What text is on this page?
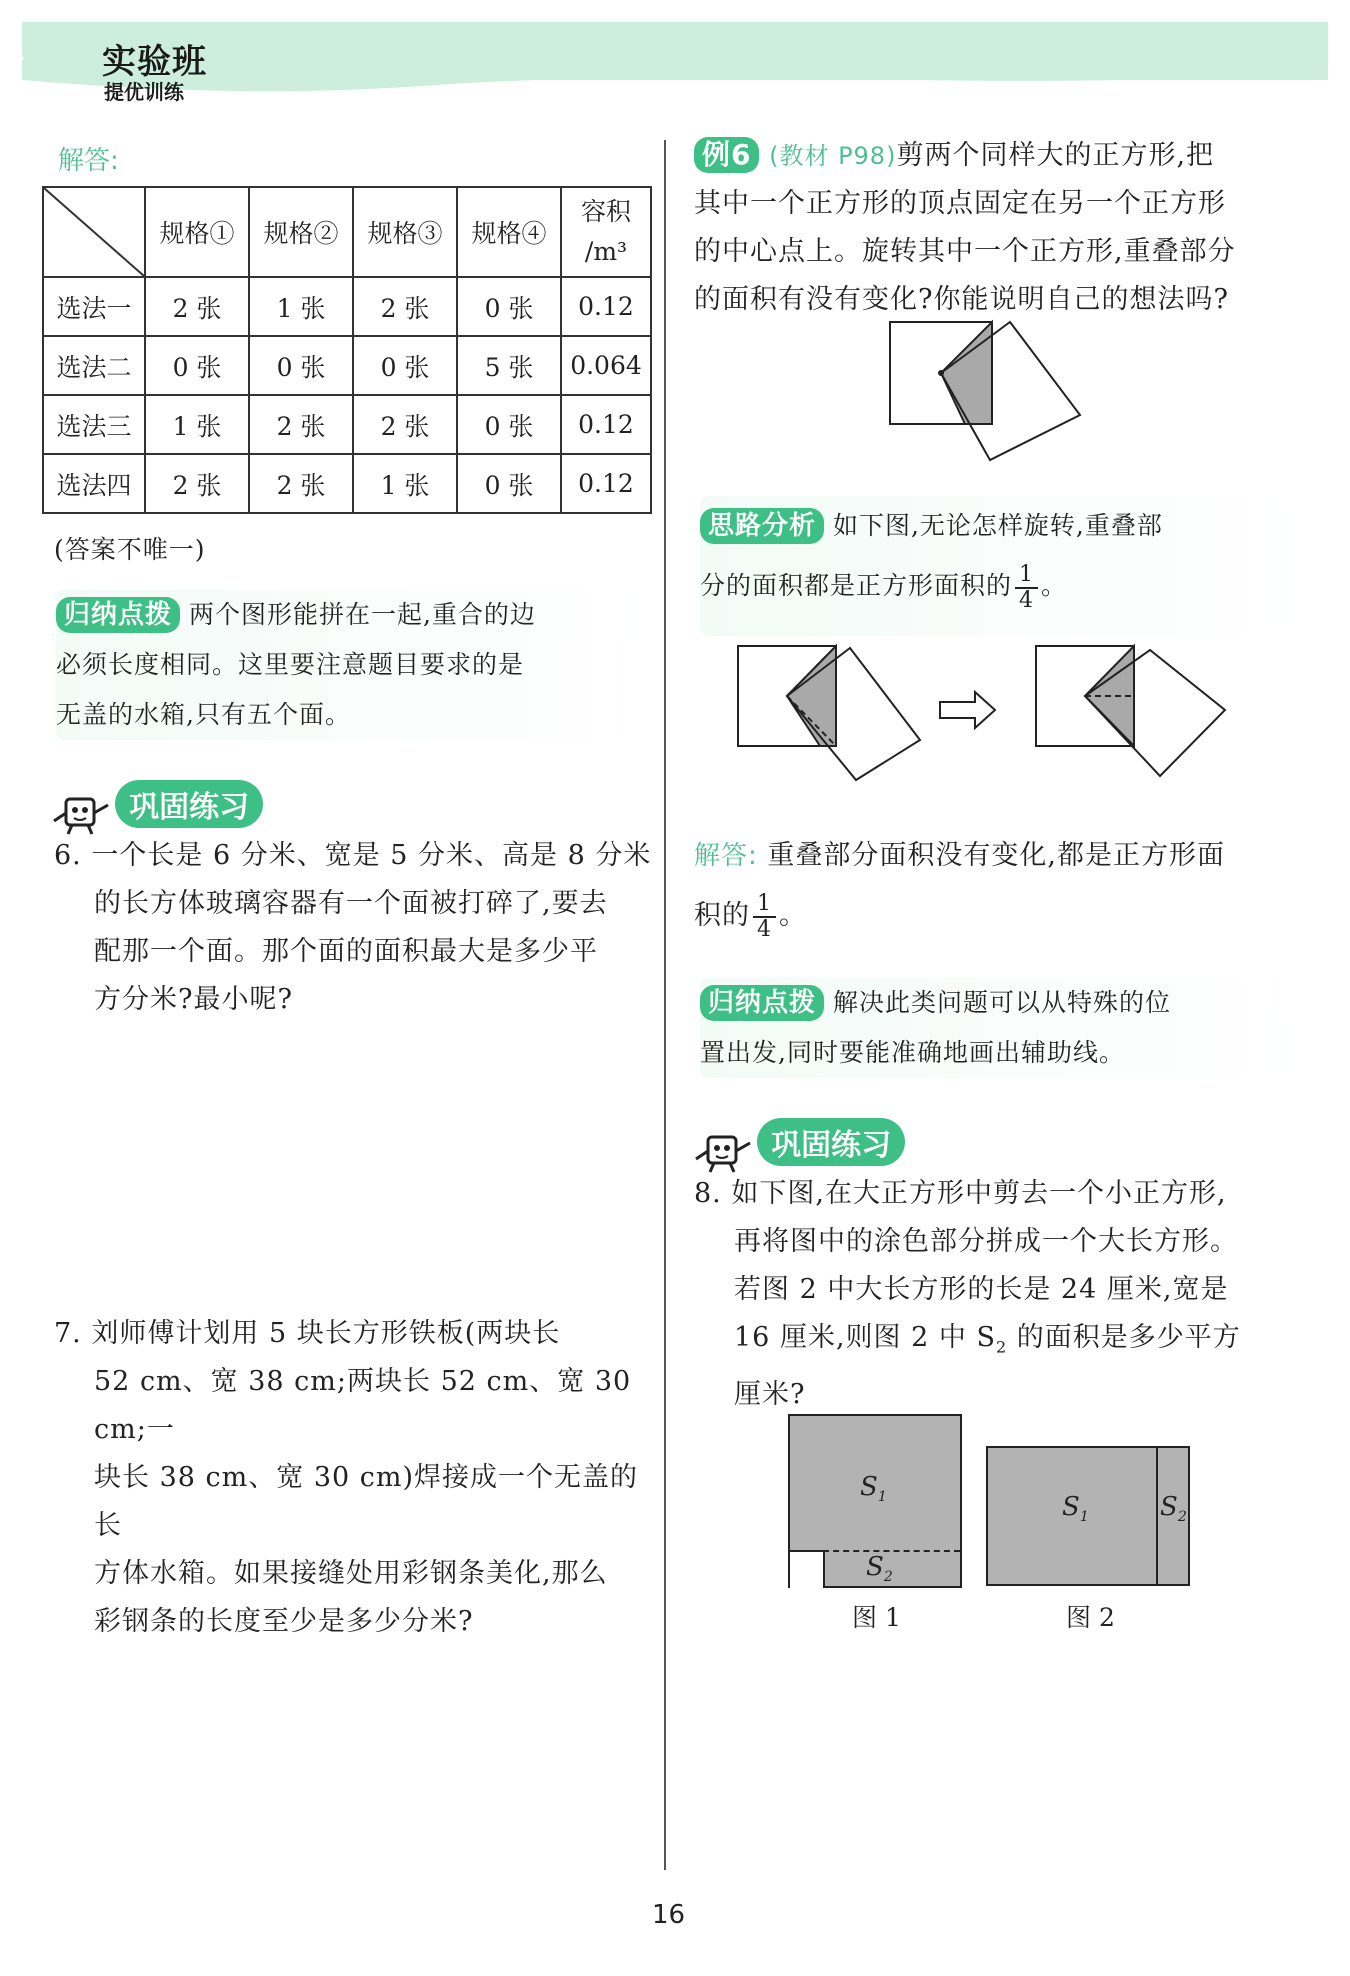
实验班
提优训练
解答:
	规格①	规格②	规格③	规格④	容积
/m³

选法一	2 张	1 张	2 张	0 张	0.12
选法二	0 张	0 张	0 张	5 张	0.064
选法三	1 张	2 张	2 张	0 张	0.12
选法四	2 张	2 张	1 张	0 张	0.12
(答案不唯一)
归纳点拨 两个图形能拼在一起,重合的边
必须长度相同。这里要注意题目要求的是
无盖的水箱,只有五个面。
巩固练习
6. 一个长是 6 分米、宽是 5 分米、高是 8 分米
的长方体玻璃容器有一个面被打碎了,要去
配那一个面。那个面的面积最大是多少平
方分米?最小呢?
7. 刘师傅计划用 5 块长方形铁板(两块长
52 cm、宽 38 cm;两块长 52 cm、宽 30 cm;一
块长 38 cm、宽 30 cm)焊接成一个无盖的长
方体水箱。如果接缝处用彩钢条美化,那么
彩钢条的长度至少是多少分米?
例6 (教材 P98)剪两个同样大的正方形,把
其中一个正方形的顶点固定在另一个正方形
的中心点上。旋转其中一个正方形,重叠部分
的面积有没有变化?你能说明自己的想法吗?
思路分析 如下图,无论怎样旋转,重叠部
分的面积都是正方形面积的 $\frac{1}{4}$ 。
解答: 重叠部分面积没有变化,都是正方形面
积的 $\frac{1}{4}$ 。
归纳点拨 解决此类问题可以从特殊的位
置出发,同时要能准确地画出辅助线。
巩固练习
8. 如下图,在大正方形中剪去一个小正方形,
再将图中的涂色部分拼成一个大长方形。
若图 2 中大长方形的长是 24 厘米,宽是
16 厘米,则图 2 中 $S_2$ 的面积是多少平方
厘米?
$S_1$
$S_2$
图 1
$S_1$	$S_2$
图 2
16
